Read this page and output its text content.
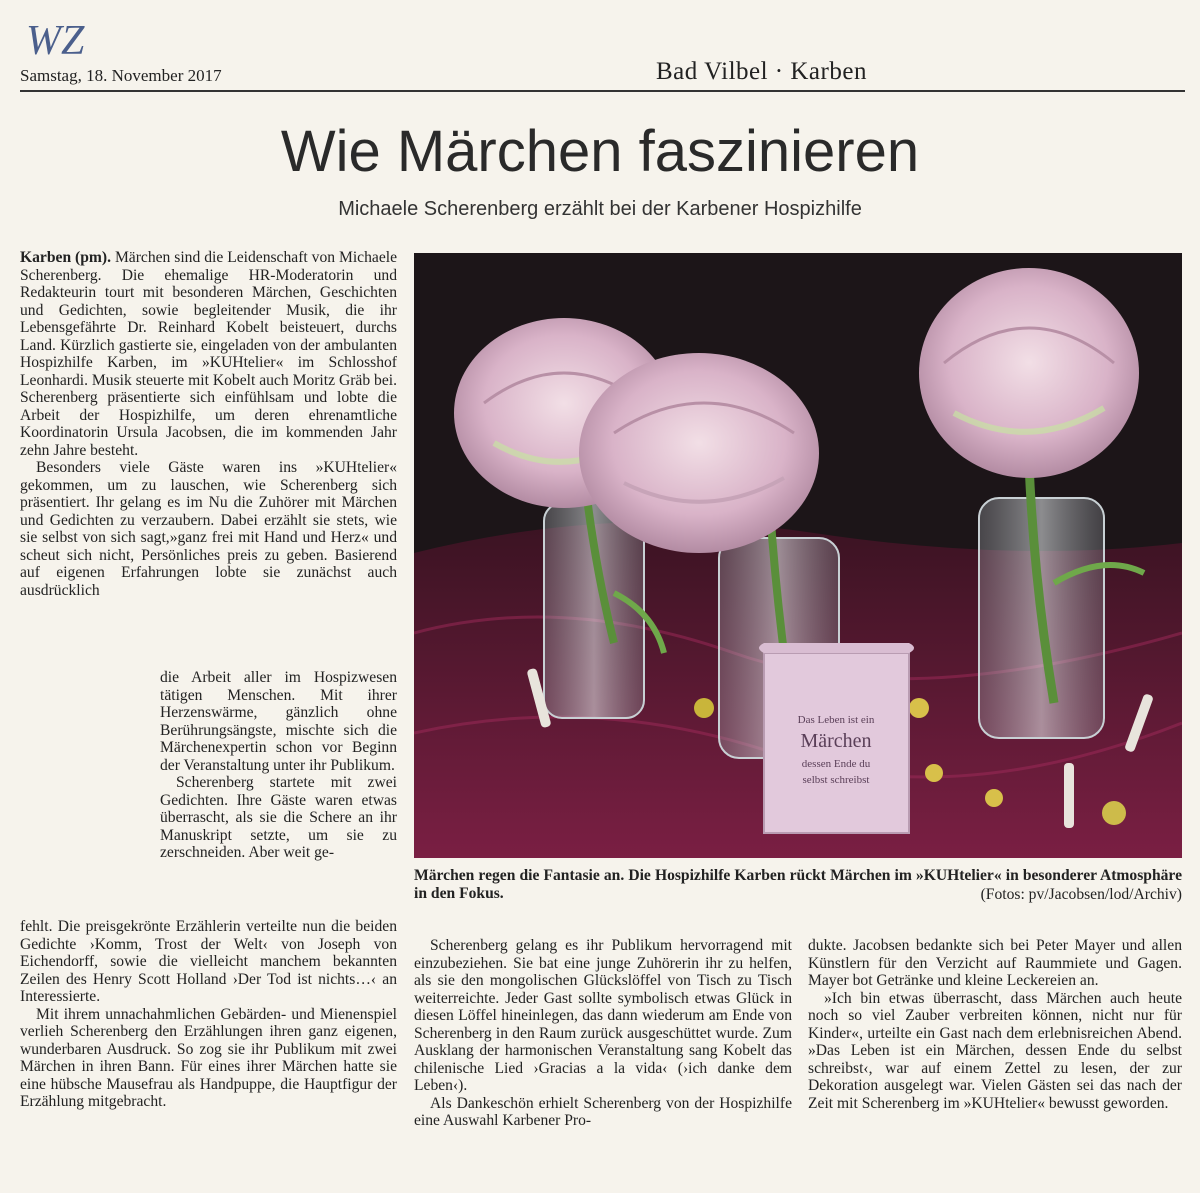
WZ
Samstag, 18. November 2017	Bad Vilbel · Karben
Wie Märchen faszinieren
Michaele Scherenberg erzählt bei der Karbener Hospizhilfe

Karben (pm). Märchen sind die Leidenschaft von Michaele Scherenberg. Die ehemalige HR-Moderatorin und Redakteurin tourt mit besonderen Märchen, Geschichten und Gedichten, sowie begleitender Musik, die ihr Lebensgefährte Dr. Reinhard Kobelt beisteuert, durchs Land. Kürzlich gastierte sie, eingeladen von der ambulanten Hospizhilfe Karben, im »KUHtelier« im Schlosshof Leonhardi. Musik steuerte mit Kobelt auch Moritz Gräb bei. Scherenberg präsentierte sich einfühlsam und lobte die Arbeit der Hospizhilfe, um deren ehrenamtliche Koordinatorin Ursula Jacobsen, die im kommenden Jahr zehn Jahre besteht.

Besonders viele Gäste waren ins »KUHtelier« gekommen, um zu lauschen, wie Scherenberg sich präsentiert. Ihr gelang es im Nu die Zuhörer mit Märchen und Gedichten zu verzaubern. Dabei erzählt sie stets, wie sie selbst von sich sagt,»ganz frei mit Hand und Herz« und scheut sich nicht, Persönliches preis zu geben. Basierend auf eigenen Erfahrungen lobte sie zunächst auch ausdrücklich

die Arbeit aller im Hospizwesen tätigen Menschen. Mit ihrer Herzenswärme, gänzlich ohne Berührungsängste, mischte sich die Märchenexpertin schon vor Beginn der Veranstaltung unter ihr Publikum.

Scherenberg startete mit zwei Gedichten. Ihre Gäste waren etwas überrascht, als sie die Schere an ihr Manuskript setzte, um sie zu zerschneiden. Aber weit ge-

fehlt. Die preisgekrönte Erzählerin verteilte nun die beiden Gedichte ›Komm, Trost der Welt‹ von Joseph von Eichendorff, sowie die vielleicht manchem bekannten Zeilen des Henry Scott Holland ›Der Tod ist nichts…‹ an Interessierte.

Mit ihrem unnachahmlichen Gebärden- und Mienenspiel verlieh Scherenberg den Erzählungen ihren ganz eigenen, wunderbaren Ausdruck. So zog sie ihr Publikum mit zwei Märchen in ihren Bann. Für eines ihrer Märchen hatte sie eine hübsche Mausefrau als Handpuppe, die Hauptfigur der Erzählung mitgebracht.

Das Leben ist ein
Märchen
dessen Ende du
selbst schreibst
Märchen regen die Fantasie an. Die Hospizhilfe Karben rückt Märchen im »KUHtelier« in besonderer Atmosphäre in den Fokus.	(Fotos: pv/Jacobsen/lod/Archiv)

Scherenberg gelang es ihr Publikum hervorragend mit einzubeziehen. Sie bat eine junge Zuhörerin ihr zu helfen, als sie den mongolischen Glückslöffel von Tisch zu Tisch weiterreichte. Jeder Gast sollte symbolisch etwas Glück in diesen Löffel hineinlegen, das dann wiederum am Ende von Scherenberg in den Raum zurück ausgeschüttet wurde. Zum Ausklang der harmonischen Veranstaltung sang Kobelt das chilenische Lied ›Gracias a la vida‹ (›ich danke dem Leben‹).

Als Dankeschön erhielt Scherenberg von der Hospizhilfe eine Auswahl Karbener Pro-

dukte. Jacobsen bedankte sich bei Peter Mayer und allen Künstlern für den Verzicht auf Raummiete und Gagen. Mayer bot Getränke und kleine Leckereien an.

»Ich bin etwas überrascht, dass Märchen auch heute noch so viel Zauber verbreiten können, nicht nur für Kinder«, urteilte ein Gast nach dem erlebnisreichen Abend. »Das Leben ist ein Märchen, dessen Ende du selbst schreibst‹, war auf einem Zettel zu lesen, der zur Dekoration ausgelegt war. Vielen Gästen sei das nach der Zeit mit Scherenberg im »KUHtelier« bewusst geworden.
